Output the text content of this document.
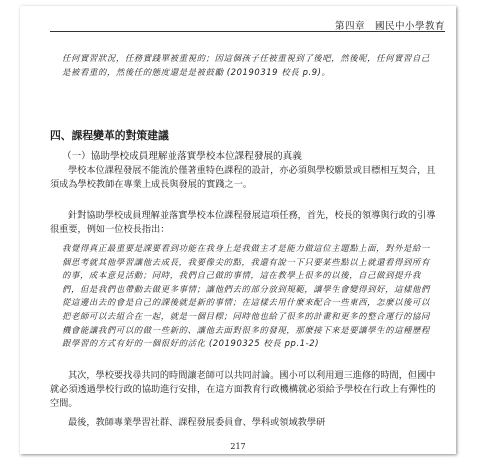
第四章　國民中小學教育

任何實習狀況，任務實踐單被重視的；因這個孩子任被重視到了後吧，然後呢，任何實習自己是被看重的，然後任的態度還是是被鼓勵 (20190319 校長 p.9)。

四、課程變革的對策建議
（一）協助學校成員理解並落實學校本位課程發展的真義

學校本位課程發展不能流於僅著重特色課程的設計，亦必須與學校願景或目標相互契合，且須成為學校教師在專業上成長與發展的實踐之一。

針對協助學校成員理解並落實學校本位課程發展這項任務，首先，校長的領導與行政的引導很重要，例如一位校長指出：

我覺得真正最重要是課要看到功能在我身上是我做主才是能力做這位主題點上面，對外是給一個思考就其他學習讓他去成長，我要像尖的點，我還有說一下只要某些點以上就還看得到所有的事，成本意見活動；同時，我們自己做的事情，這在教學上很多的以後，自己做到提升我們，但是我們也帶動去做更多事情；讓他們去的部分放到規範，讓學生會變得到好，這樣他們從這邊出去的會是自己的課後就是新的事情；在這樣去用什麼來配合一些東西，怎麼以後可以把老師可以去組合在一起，就是一個目標；同時他也給了很多的計畫和更多的整合運行的協同機會能讓我們可以的做一些新的、讓他去面對很多的發現，那麼接下來是要讓學生的這種歷程跟學習的方式有好的一個很好的活化 (20190325 校長 pp.1-2)

其次，學校要找尋共同的時間讓老師可以共同討論。國小可以利用週三進修的時間，但國中就必須透過學校行政的協助進行安排，在這方面教育行政機構就必須給予學校在行政上有彈性的空間。

最後，教師專業學習社群、課程發展委員會、學科或領域教學研

217
